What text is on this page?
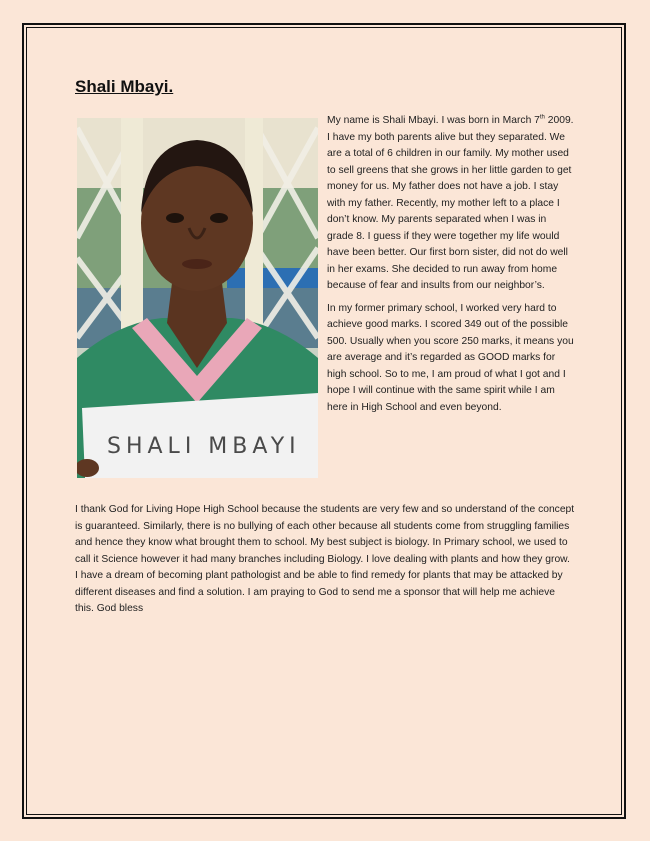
Shali Mbayi.
SHALI MBAYI

My name is Shali Mbayi. I was born in March 7th 2009. I have my both parents alive but they separated. We are a total of 6 children in our family. My mother used to sell greens that she grows in her little garden to get money for us. My father does not have a job. I stay with my father. Recently, my mother left to a place I don’t know. My parents separated when I was in grade 8. I guess if they were together my life would have been better. Our first born sister, did not do well in her exams. She decided to run away from home because of fear and insults from our neighbor’s.

In my former primary school, I worked very hard to achieve good marks. I scored 349 out of the possible 500. Usually when you score 250 marks, it means you are average and it’s regarded as GOOD marks for high school. So to me, I am proud of what I got and I hope I will continue with the same spirit while I am here in High School and even beyond.

I thank God for Living Hope High School because the students are very few and so understand of the concept is guaranteed. Similarly, there is no bullying of each other because all students come from struggling families and hence they know what brought them to school. My best subject is biology. In Primary school, we used to call it Science however it had many branches including Biology. I love dealing with plants and how they grow. I have a dream of becoming plant pathologist and be able to find remedy for plants that may be attacked by different diseases and find a solution. I am praying to God to send me a sponsor that will help me achieve this. God bless
